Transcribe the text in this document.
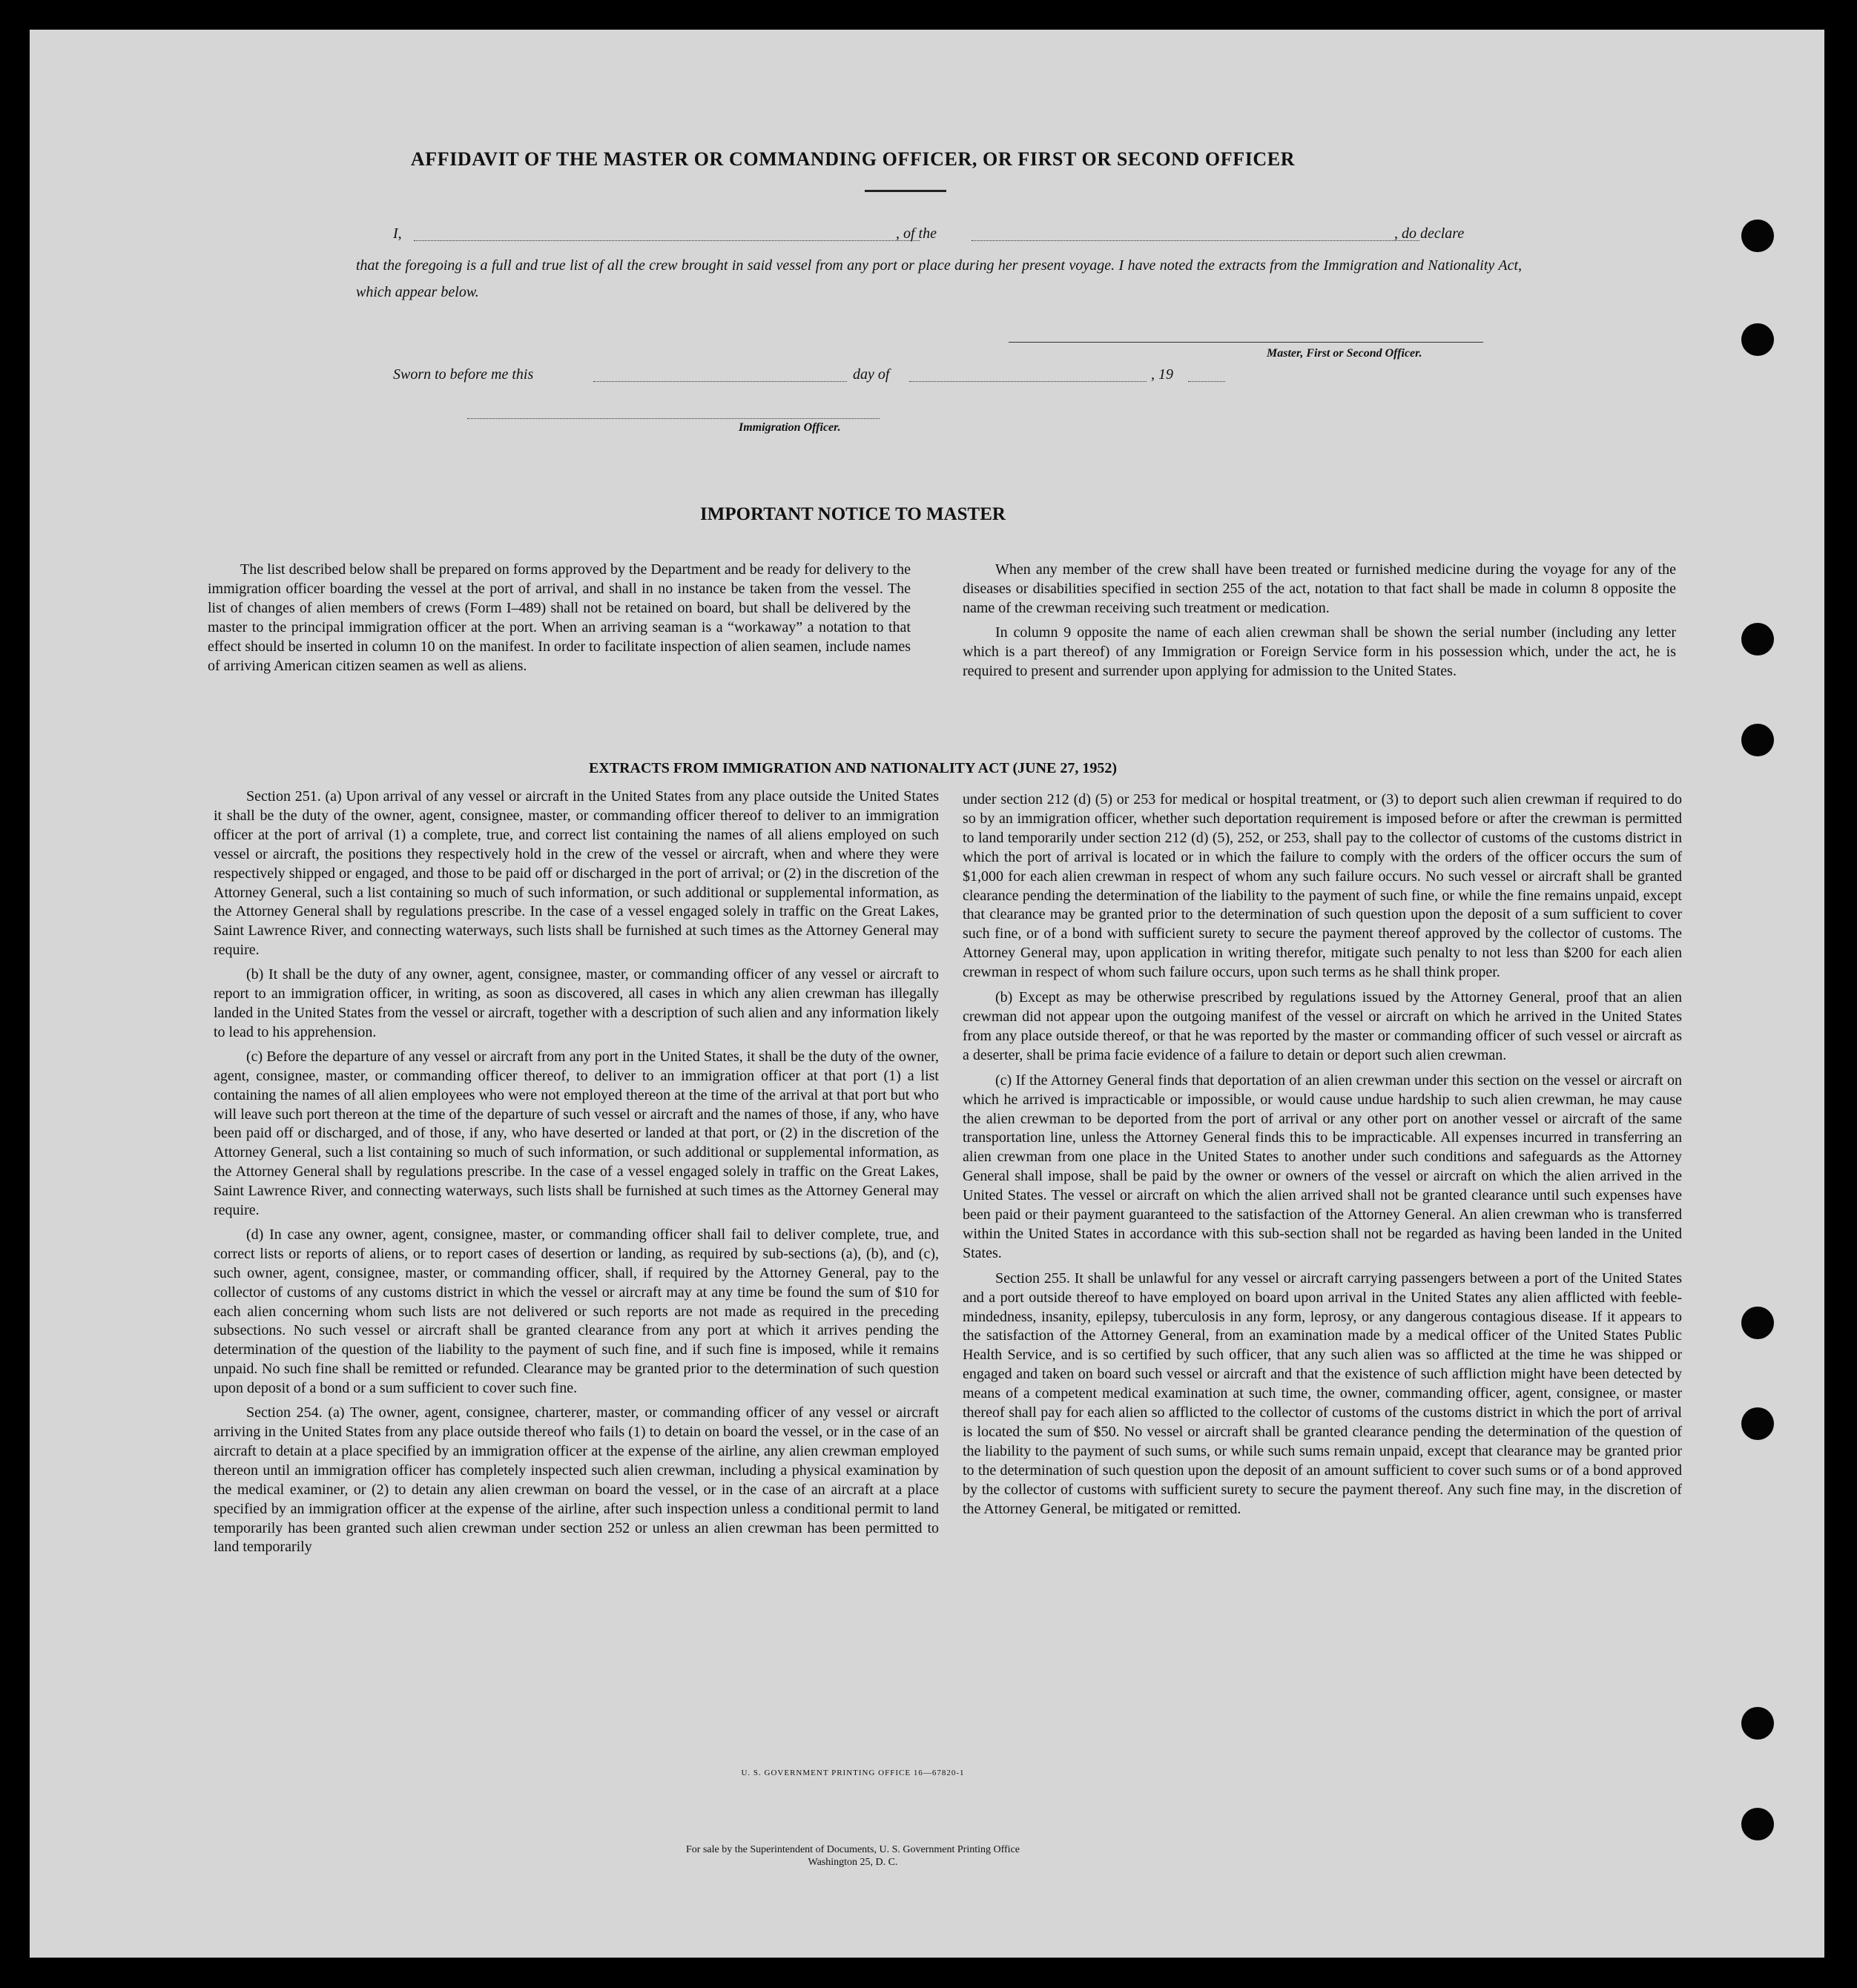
AFFIDAVIT OF THE MASTER OR COMMANDING OFFICER, OR FIRST OR SECOND OFFICER
I,	, of the	, do declare
that the foregoing is a full and true list of all the crew brought in said vessel from any port or place during her present voyage. I have noted the extracts from the Immigration and Nationality Act, which appear below.
Master, First or Second Officer.
Sworn to before me this	day of	, 19
Immigration Officer.
IMPORTANT NOTICE TO MASTER

The list described below shall be prepared on forms approved by the Department and be ready for delivery to the immigration officer boarding the vessel at the port of arrival, and shall in no instance be taken from the vessel. The list of changes of alien members of crews (Form I–489) shall not be retained on board, but shall be delivered by the master to the principal immigration officer at the port. When an arriving seaman is a “workaway” a notation to that effect should be inserted in column 10 on the manifest. In order to facilitate inspection of alien seamen, include names of arriving American citizen seamen as well as aliens.

When any member of the crew shall have been treated or furnished medicine during the voyage for any of the diseases or disabilities specified in section 255 of the act, notation to that fact shall be made in column 8 opposite the name of the crewman receiving such treatment or medication.

In column 9 opposite the name of each alien crewman shall be shown the serial number (including any letter which is a part thereof) of any Immigration or Foreign Service form in his possession which, under the act, he is required to present and surrender upon applying for admission to the United States.

EXTRACTS FROM IMMIGRATION AND NATIONALITY ACT (JUNE 27, 1952)

Section 251. (a) Upon arrival of any vessel or aircraft in the United States from any place outside the United States it shall be the duty of the owner, agent, consignee, master, or commanding officer thereof to deliver to an immigration officer at the port of arrival (1) a complete, true, and correct list containing the names of all aliens employed on such vessel or aircraft, the positions they respectively hold in the crew of the vessel or aircraft, when and where they were respectively shipped or engaged, and those to be paid off or discharged in the port of arrival; or (2) in the discretion of the Attorney General, such a list containing so much of such information, or such additional or supplemental information, as the Attorney General shall by regulations prescribe. In the case of a vessel engaged solely in traffic on the Great Lakes, Saint Lawrence River, and connecting waterways, such lists shall be furnished at such times as the Attorney General may require.

(b) It shall be the duty of any owner, agent, consignee, master, or commanding officer of any vessel or aircraft to report to an immigration officer, in writing, as soon as discovered, all cases in which any alien crewman has illegally landed in the United States from the vessel or aircraft, together with a description of such alien and any information likely to lead to his apprehension.

(c) Before the departure of any vessel or aircraft from any port in the United States, it shall be the duty of the owner, agent, consignee, master, or commanding officer thereof, to deliver to an immigration officer at that port (1) a list containing the names of all alien employees who were not employed thereon at the time of the arrival at that port but who will leave such port thereon at the time of the departure of such vessel or aircraft and the names of those, if any, who have been paid off or discharged, and of those, if any, who have deserted or landed at that port, or (2) in the discretion of the Attorney General, such a list containing so much of such information, or such additional or supplemental information, as the Attorney General shall by regulations prescribe. In the case of a vessel engaged solely in traffic on the Great Lakes, Saint Lawrence River, and connecting waterways, such lists shall be furnished at such times as the Attorney General may require.

(d) In case any owner, agent, consignee, master, or commanding officer shall fail to deliver complete, true, and correct lists or reports of aliens, or to report cases of desertion or landing, as required by sub-sections (a), (b), and (c), such owner, agent, consignee, master, or commanding officer, shall, if required by the Attorney General, pay to the collector of customs of any customs district in which the vessel or aircraft may at any time be found the sum of $10 for each alien concerning whom such lists are not delivered or such reports are not made as required in the preceding subsections. No such vessel or aircraft shall be granted clearance from any port at which it arrives pending the determination of the question of the liability to the payment of such fine, and if such fine is imposed, while it remains unpaid. No such fine shall be remitted or refunded. Clearance may be granted prior to the determination of such question upon deposit of a bond or a sum sufficient to cover such fine.

Section 254. (a) The owner, agent, consignee, charterer, master, or commanding officer of any vessel or aircraft arriving in the United States from any place outside thereof who fails (1) to detain on board the vessel, or in the case of an aircraft to detain at a place specified by an immigration officer at the expense of the airline, any alien crewman employed thereon until an immigration officer has completely inspected such alien crewman, including a physical examination by the medical examiner, or (2) to detain any alien crewman on board the vessel, or in the case of an aircraft at a place specified by an immigration officer at the expense of the airline, after such inspection unless a conditional permit to land temporarily has been granted such alien crewman under section 252 or unless an alien crewman has been permitted to land temporarily

under section 212 (d) (5) or 253 for medical or hospital treatment, or (3) to deport such alien crewman if required to do so by an immigration officer, whether such deportation requirement is imposed before or after the crewman is permitted to land temporarily under section 212 (d) (5), 252, or 253, shall pay to the collector of customs of the customs district in which the port of arrival is located or in which the failure to comply with the orders of the officer occurs the sum of $1,000 for each alien crewman in respect of whom any such failure occurs. No such vessel or aircraft shall be granted clearance pending the determination of the liability to the payment of such fine, or while the fine remains unpaid, except that clearance may be granted prior to the determination of such question upon the deposit of a sum sufficient to cover such fine, or of a bond with sufficient surety to secure the payment thereof approved by the collector of customs. The Attorney General may, upon application in writing therefor, mitigate such penalty to not less than $200 for each alien crewman in respect of whom such failure occurs, upon such terms as he shall think proper.

(b) Except as may be otherwise prescribed by regulations issued by the Attorney General, proof that an alien crewman did not appear upon the outgoing manifest of the vessel or aircraft on which he arrived in the United States from any place outside thereof, or that he was reported by the master or commanding officer of such vessel or aircraft as a deserter, shall be prima facie evidence of a failure to detain or deport such alien crewman.

(c) If the Attorney General finds that deportation of an alien crewman under this section on the vessel or aircraft on which he arrived is impracticable or impossible, or would cause undue hardship to such alien crewman, he may cause the alien crewman to be deported from the port of arrival or any other port on another vessel or aircraft of the same transportation line, unless the Attorney General finds this to be impracticable. All expenses incurred in transferring an alien crewman from one place in the United States to another under such conditions and safeguards as the Attorney General shall impose, shall be paid by the owner or owners of the vessel or aircraft on which the alien arrived in the United States. The vessel or aircraft on which the alien arrived shall not be granted clearance until such expenses have been paid or their payment guaranteed to the satisfaction of the Attorney General. An alien crewman who is transferred within the United States in accordance with this sub-section shall not be regarded as having been landed in the United States.

Section 255. It shall be unlawful for any vessel or aircraft carrying passengers between a port of the United States and a port outside thereof to have employed on board upon arrival in the United States any alien afflicted with feeble-mindedness, insanity, epilepsy, tuberculosis in any form, leprosy, or any dangerous contagious disease. If it appears to the satisfaction of the Attorney General, from an examination made by a medical officer of the United States Public Health Service, and is so certified by such officer, that any such alien was so afflicted at the time he was shipped or engaged and taken on board such vessel or aircraft and that the existence of such affliction might have been detected by means of a competent medical examination at such time, the owner, commanding officer, agent, consignee, or master thereof shall pay for each alien so afflicted to the collector of customs of the customs district in which the port of arrival is located the sum of $50. No vessel or aircraft shall be granted clearance pending the determination of the question of the liability to the payment of such sums, or while such sums remain unpaid, except that clearance may be granted prior to the determination of such question upon the deposit of an amount sufficient to cover such sums or of a bond approved by the collector of customs with sufficient surety to secure the payment thereof. Any such fine may, in the discretion of the Attorney General, be mitigated or remitted.

U. S. GOVERNMENT PRINTING OFFICE 16—67820-1
For sale by the Superintendent of Documents, U. S. Government Printing Office
Washington 25, D. C.
